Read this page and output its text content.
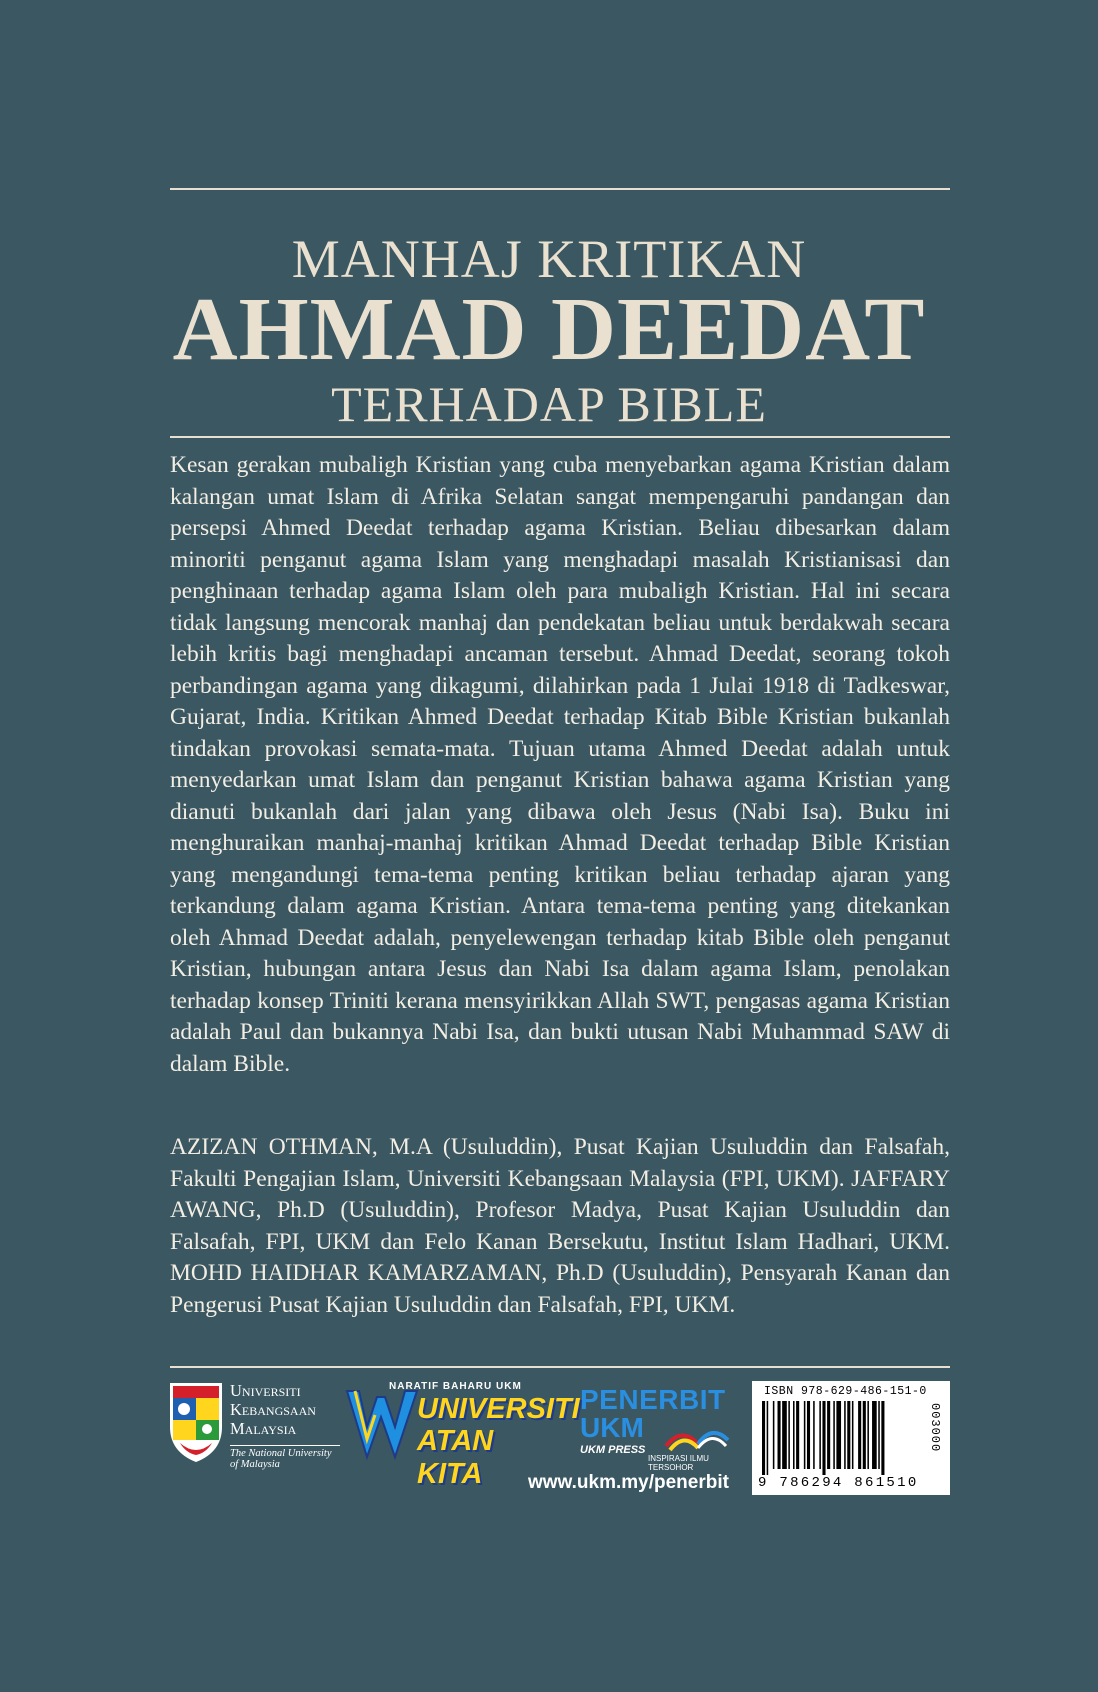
MANHAJ KRITIKAN
AHMAD DEEDAT
TERHADAP BIBLE
Kesan gerakan mubaligh Kristian yang cuba menyebarkan agama Kristian dalam kalangan umat Islam di Afrika Selatan sangat mempengaruhi pandangan dan persepsi Ahmed Deedat terhadap agama Kristian. Beliau dibesarkan dalam minoriti penganut agama Islam yang menghadapi masalah Kristianisasi dan penghinaan terhadap agama Islam oleh para mubaligh Kristian. Hal ini secara tidak langsung mencorak manhaj dan pendekatan beliau untuk berdakwah secara lebih kritis bagi menghadapi ancaman tersebut. Ahmad Deedat, seorang tokoh perbandingan agama yang dikagumi, dilahirkan pada 1 Julai 1918 di Tadkeswar, Gujarat, India. Kritikan Ahmed Deedat terhadap Kitab Bible Kristian bukanlah tindakan provokasi semata-mata. Tujuan utama Ahmed Deedat adalah untuk menyedarkan umat Islam dan penganut Kristian bahawa agama Kristian yang dianuti bukanlah dari jalan yang dibawa oleh Jesus (Nabi Isa). Buku ini menghuraikan manhaj-manhaj kritikan Ahmad Deedat terhadap Bible Kristian yang mengandungi tema-tema penting kritikan beliau terhadap ajaran yang terkandung dalam agama Kristian. Antara tema-tema penting yang ditekankan oleh Ahmad Deedat adalah, penyelewengan terhadap kitab Bible oleh penganut Kristian, hubungan antara Jesus dan Nabi Isa dalam agama Islam, penolakan terhadap konsep Triniti kerana mensyirikkan Allah SWT, pengasas agama Kristian adalah Paul dan bukannya Nabi Isa, dan bukti utusan Nabi Muhammad SAW di dalam Bible.
AZIZAN OTHMAN, M.A (Usuluddin), Pusat Kajian Usuluddin dan Falsafah, Fakulti Pengajian Islam, Universiti Kebangsaan Malaysia (FPI, UKM). JAFFARY AWANG, Ph.D (Usuluddin), Profesor Madya, Pusat Kajian Usuluddin dan Falsafah, FPI, UKM dan Felo Kanan Bersekutu, Institut Islam Hadhari, UKM. MOHD HAIDHAR KAMARZAMAN, Ph.D (Usuluddin), Pensyarah Kanan dan Pengerusi Pusat Kajian Usuluddin dan Falsafah, FPI, UKM.
Universiti
Kebangsaan
Malaysia
The National University
of Malaysia
NARATIF BAHARU UKM
UNIVERSITI
ATAN KITA
PENERBIT
UKM
UKM PRESS
INSPIRASI ILMU TERSOHOR
www.ukm.my/penerbit
ISBN 978-629-486-151-0
9 786294 861510
003000
